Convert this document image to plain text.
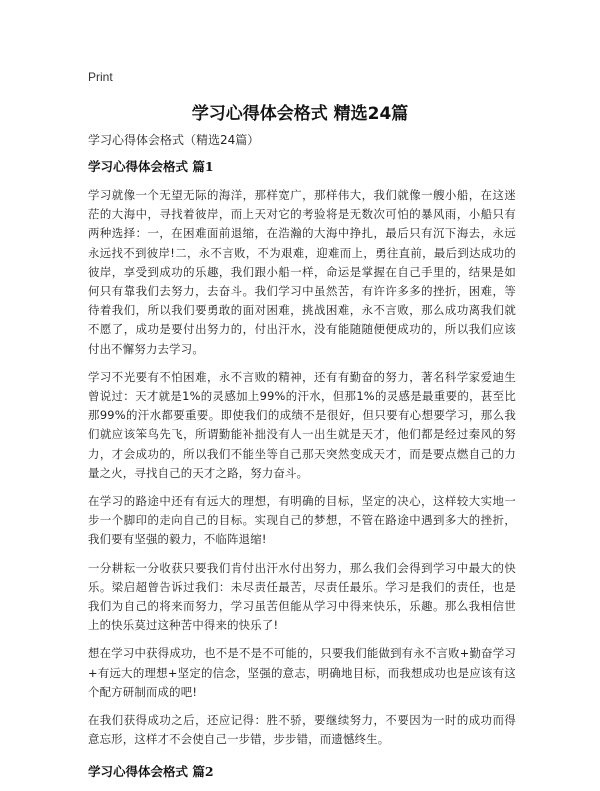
Print
学习心得体会格式 精选24篇

学习心得体会格式（精选24篇）

学习心得体会格式 篇1

学习就像一个无望无际的海洋，那样宽广，那样伟大，我们就像一艘小船，在这迷茫的大海中，寻找着彼岸，而上天对它的考验将是无数次可怕的暴风雨，小船只有两种选择：一，在困难面前退缩，在浩瀚的大海中挣扎，最后只有沉下海去，永远永远找不到彼岸!二，永不言败，不为艰难，迎难而上，勇往直前，最后到达成功的彼岸，享受到成功的乐趣，我们跟小船一样，命运是掌握在自己手里的，结果是如何只有靠我们去努力，去奋斗。我们学习中虽然苦，有许许多多的挫折，困难，等待着我们，所以我们要勇敢的面对困难，挑战困难，永不言败，那么成功离我们就不愿了，成功是要付出努力的，付出汗水，没有能随随便便成功的，所以我们应该付出不懈努力去学习。

学习不光要有不怕困难，永不言败的精神，还有有勤奋的努力，著名科学家爱迪生曾说过：天才就是1%的灵感加上99%的汗水，但那1%的灵感是最重要的，甚至比那99%的汗水都要重要。即使我们的成绩不是很好，但只要有心想要学习，那么我们就应该笨鸟先飞，所谓勤能补拙没有人一出生就是天才，他们都是经过秦风的努力，才会成功的，所以我们不能坐等自己那天突然变成天才，而是要点燃自己的力量之火，寻找自己的天才之路，努力奋斗。

在学习的路途中还有有远大的理想，有明确的目标，坚定的决心，这样较大实地一步一个脚印的走向自己的目标。实现自己的梦想，不管在路途中遇到多大的挫折，我们要有坚强的毅力，不临阵退缩!

一分耕耘一分收获只要我们肯付出汗水付出努力，那么我们会得到学习中最大的快乐。梁启超曾告诉过我们：未尽责任最苦，尽责任最乐。学习是我们的责任，也是我们为自己的将来而努力，学习虽苦但能从学习中得来快乐，乐趣。那么我相信世上的快乐莫过这种苦中得来的快乐了!

想在学习中获得成功，也不是不是不可能的，只要我们能做到有永不言败+勤奋学习+有远大的理想+坚定的信念，坚强的意志，明确地目标，而我想成功也是应该有这个配方研制而成的吧!

在我们获得成功之后，还应记得：胜不骄，要继续努力，不要因为一时的成功而得意忘形，这样才不会使自己一步错，步步错，而遗憾终生。

学习心得体会格式 篇2
